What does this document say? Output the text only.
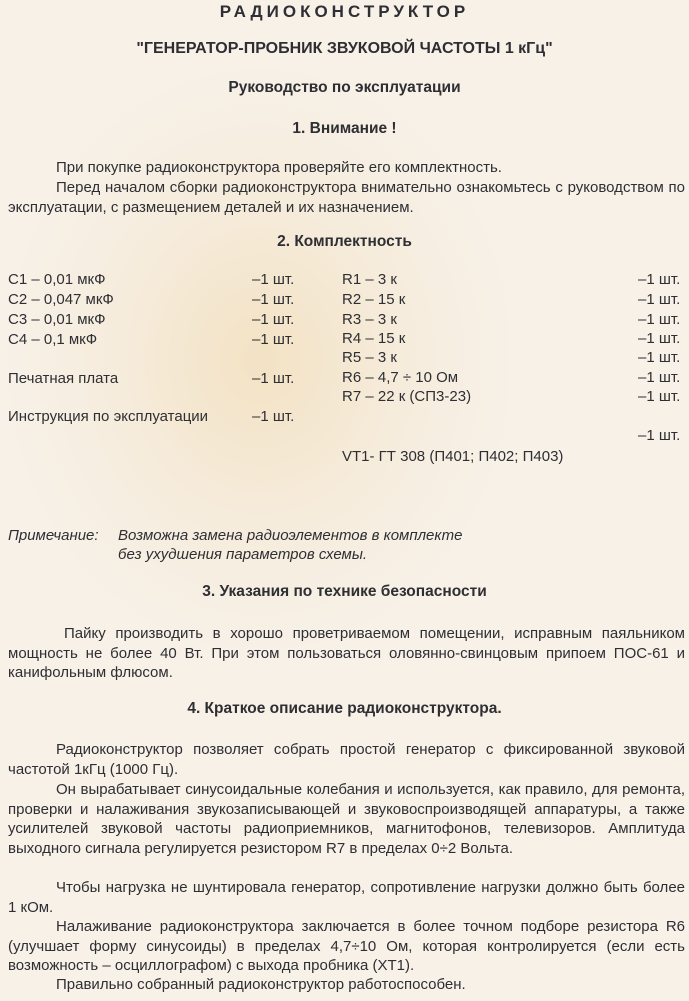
РАДИОКОНСТРУКТОР
"ГЕНЕРАТОР-ПРОБНИК ЗВУКОВОЙ ЧАСТОТЫ 1 кГц"
Руководство по эксплуатации
1. Внимание !
При покупке радиоконструктора проверяйте его комплектность.
Перед началом сборки радиоконструктора внимательно ознакомьтесь с руководством по эксплуатации, с размещением деталей и их назначением.
2. Комплектность
С1 – 0,01 мкФ	–1 шт.
С2 – 0,047 мкФ	–1 шт.
С3 – 0,01 мкФ	–1 шт.
С4 – 0,1 мкФ	–1 шт.
Печатная плата	–1 шт.
Инструкция по эксплуатации	–1 шт.
R1 – 3 к	–1 шт.
R2 – 15 к	–1 шт.
R3 – 3 к	–1 шт.
R4 – 15 к	–1 шт.
R5 – 3 к	–1 шт.
R6 – 4,7 ÷ 10 Ом	–1 шт.
R7 – 22 к (СП3-23)	–1 шт.
–1 шт.
VT1- ГТ 308 (П401; П402; П403)
Примечание: Возможна замена радиоэлементов в комплекте
без ухудшения параметров схемы.
3. Указания по технике безопасности
Пайку производить в хорошо проветриваемом помещении, исправным паяльником мощность не более 40 Вт. При этом пользоваться оловянно-свинцовым припоем ПОС-61 и канифольным флюсом.
4. Краткое описание радиоконструктора.
Радиоконструктор позволяет собрать простой генератор с фиксированной звуковой частотой 1кГц (1000 Гц).
Он вырабатывает синусоидальные колебания и используется, как правило, для ремонта, проверки и налаживания звукозаписывающей и звуковоспроизводящей аппаратуры, а также усилителей звуковой частоты радиоприемников, магнитофонов, телевизоров. Амплитуда выходного сигнала регулируется резистором R7 в пределах 0÷2 Вольта.
Чтобы нагрузка не шунтировала генератор, сопротивление нагрузки должно быть более 1 кОм.
Налаживание радиоконструктора заключается в более точном подборе резистора R6 (улучшает форму синусоиды) в пределах 4,7÷10 Ом, которая контролируется (если есть возможность – осциллографом) с выхода пробника (ХТ1).
Правильно собранный радиоконструктор работоспособен.
